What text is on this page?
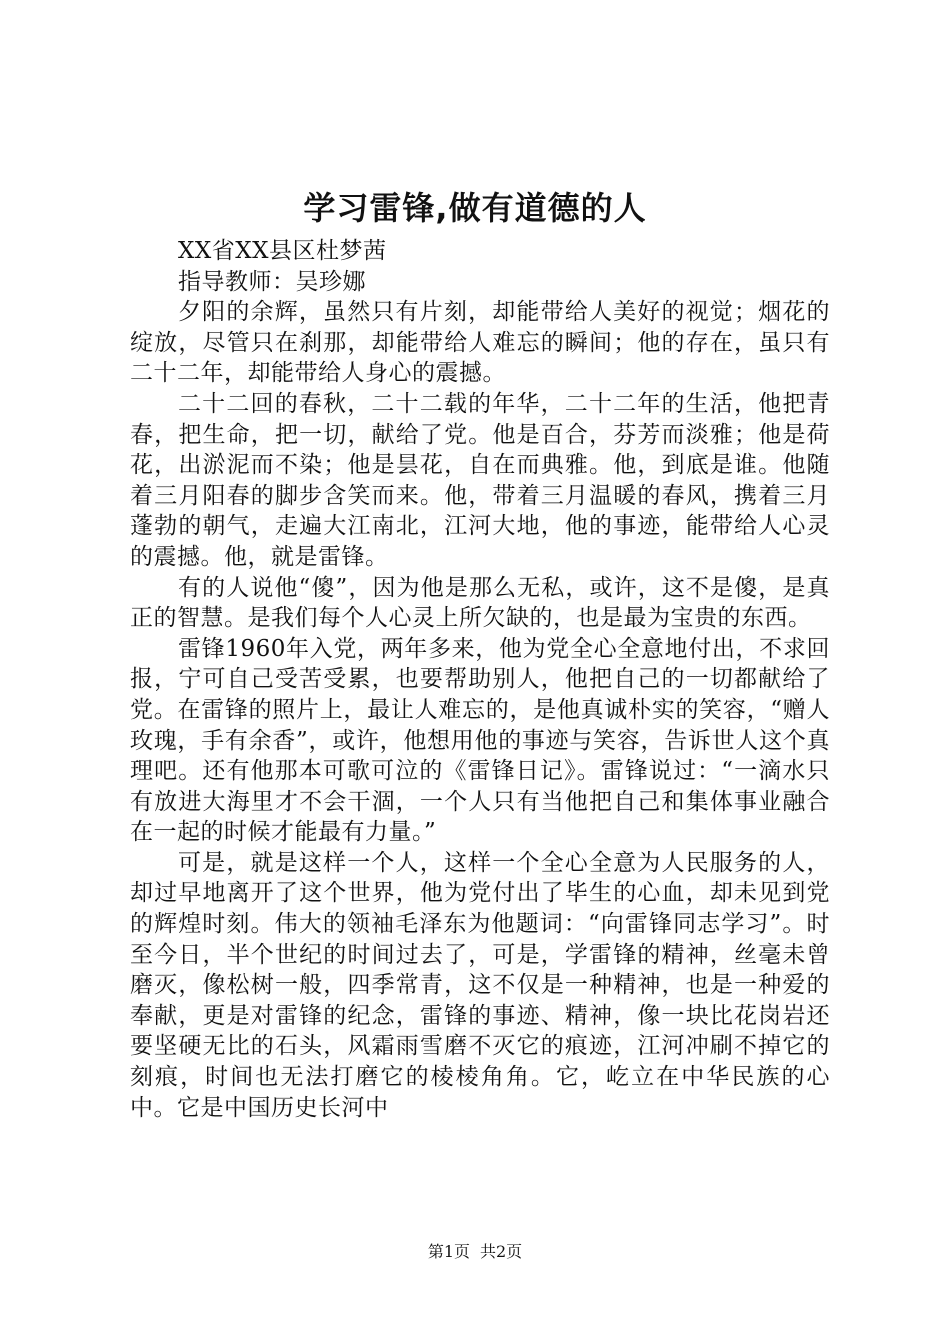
学习雷锋,做有道德的人

XX省XX县区杜梦茜

指导教师：吴珍娜

夕阳的余辉，虽然只有片刻，却能带给人美好的视觉；烟花的绽放，尽管只在刹那，却能带给人难忘的瞬间；他的存在，虽只有二十二年，却能带给人身心的震撼。

二十二回的春秋，二十二载的年华，二十二年的生活，他把青春，把生命，把一切，献给了党。他是百合，芬芳而淡雅；他是荷花，出淤泥而不染；他是昙花，自在而典雅。他，到底是谁。他随着三月阳春的脚步含笑而来。他，带着三月温暖的春风，携着三月蓬勃的朝气，走遍大江南北，江河大地，他的事迹，能带给人心灵的震撼。他，就是雷锋。

有的人说他“傻”，因为他是那么无私，或许，这不是傻，是真正的智慧。是我们每个人心灵上所欠缺的，也是最为宝贵的东西。

雷锋1960年入党，两年多来，他为党全心全意地付出，不求回报，宁可自己受苦受累，也要帮助别人，他把自己的一切都献给了党。在雷锋的照片上，最让人难忘的，是他真诚朴实的笑容，“赠人玫瑰，手有余香”，或许，他想用他的事迹与笑容，告诉世人这个真理吧。还有他那本可歌可泣的《雷锋日记》。雷锋说过：“一滴水只有放进大海里才不会干涸，一个人只有当他把自己和集体事业融合在一起的时候才能最有力量。”

可是，就是这样一个人，这样一个全心全意为人民服务的人，却过早地离开了这个世界，他为党付出了毕生的心血，却未见到党的辉煌时刻。伟大的领袖毛泽东为他题词：“向雷锋同志学习”。时至今日，半个世纪的时间过去了，可是，学雷锋的精神，丝毫未曾磨灭，像松树一般，四季常青，这不仅是一种精神，也是一种爱的奉献，更是对雷锋的纪念，雷锋的事迹、精神，像一块比花岗岩还要坚硬无比的石头，风霜雨雪磨不灭它的痕迹，江河冲刷不掉它的刻痕，时间也无法打磨它的棱棱角角。它，屹立在中华民族的心中。它是中国历史长河中

第1页 共2页
